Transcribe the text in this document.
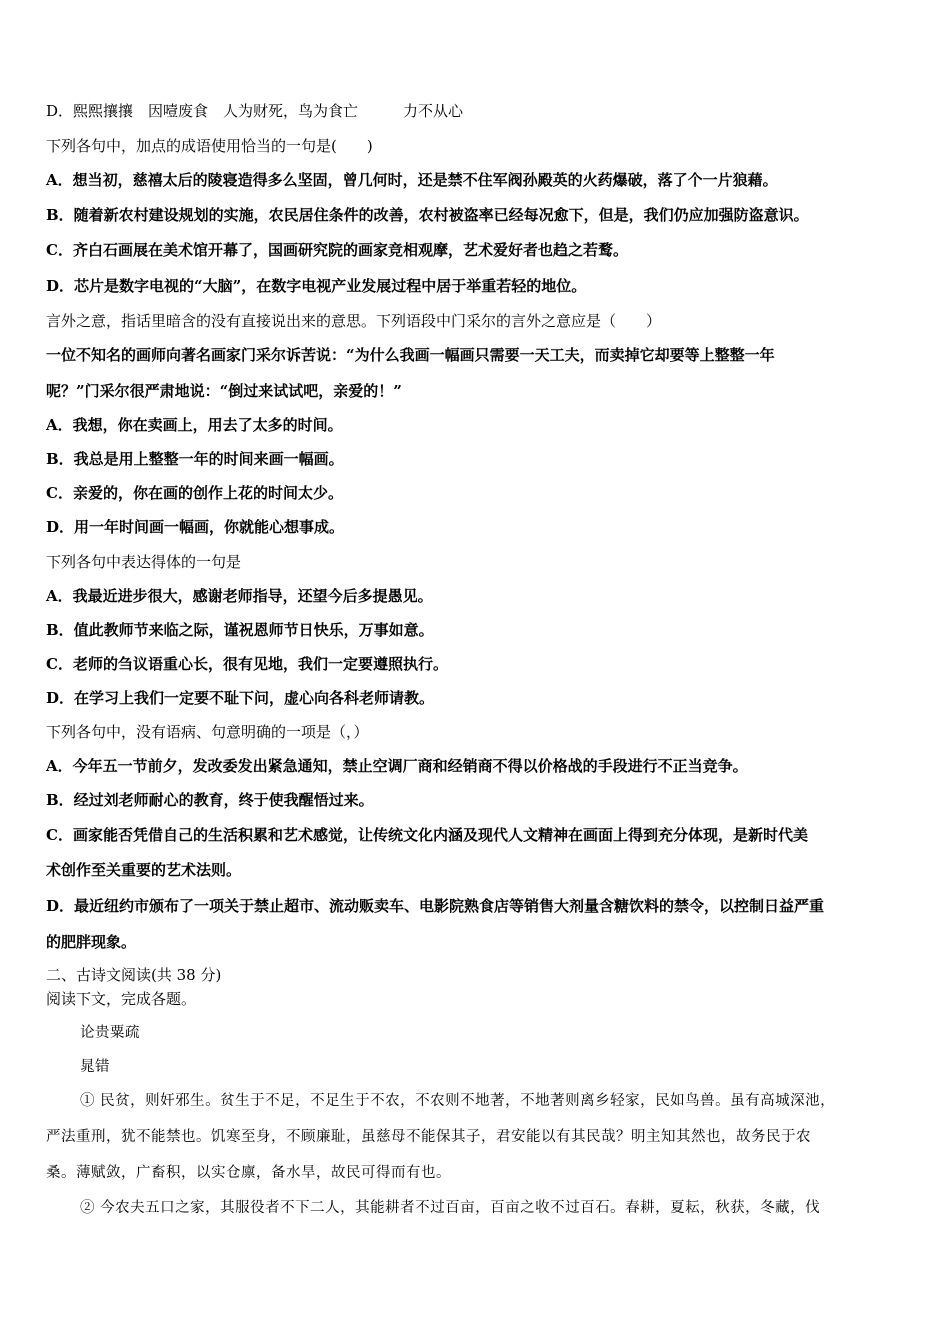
D．熙熙攘攘　因噎废食　人为财死，鸟为食亡　　　力不从心
下列各句中，加点的成语使用恰当的一句是(　　)
A．想当初，慈禧太后的陵寝造得多么坚固，曾几何时，还是禁不住军阀孙殿英的火药爆破，落了个一片狼藉。
B．随着新农村建设规划的实施，农民居住条件的改善，农村被盗率已经每况愈下，但是，我们仍应加强防盗意识。
C．齐白石画展在美术馆开幕了，国画研究院的画家竞相观摩，艺术爱好者也趋之若鹜。
D．芯片是数字电视的“大脑”，在数字电视产业发展过程中居于举重若轻的地位。
言外之意，指话里暗含的没有直接说出来的意思。下列语段中门采尔的言外之意应是（　　）
一位不知名的画师向著名画家门采尔诉苦说：“为什么我画一幅画只需要一天工夫，而卖掉它却要等上整整一年
呢？”门采尔很严肃地说：“倒过来试试吧，亲爱的！”
A．我想，你在卖画上，用去了太多的时间。
B．我总是用上整整一年的时间来画一幅画。
C．亲爱的，你在画的创作上花的时间太少。
D．用一年时间画一幅画，你就能心想事成。
下列各句中表达得体的一句是
A．我最近进步很大，感谢老师指导，还望今后多提愚见。
B．值此教师节来临之际，谨祝恩师节日快乐，万事如意。
C．老师的刍议语重心长，很有见地，我们一定要遵照执行。
D．在学习上我们一定要不耻下问，虚心向各科老师请教。
下列各句中，没有语病、句意明确的一项是（，）
A．今年五一节前夕，发改委发出紧急通知，禁止空调厂商和经销商不得以价格战的手段进行不正当竞争。
B．经过刘老师耐心的教育，终于使我醒悟过来。
C．画家能否凭借自己的生活积累和艺术感觉，让传统文化内涵及现代人文精神在画面上得到充分体现，是新时代美
术创作至关重要的艺术法则。
D．最近纽约市颁布了一项关于禁止超市、流动贩卖车、电影院熟食店等销售大剂量含糖饮料的禁令，以控制日益严重
的肥胖现象。
二、古诗文阅读(共 38 分)
阅读下文，完成各题。
论贵粟疏
晁错
① 民贫，则奸邪生。贫生于不足，不足生于不农，不农则不地著，不地著则离乡轻家，民如鸟兽。虽有高城深池，
严法重刑，犹不能禁也。饥寒至身，不顾廉耻，虽慈母不能保其子，君安能以有其民哉？明主知其然也，故务民于农
桑。薄赋敛，广畜积，以实仓廪，备水旱，故民可得而有也。
② 今农夫五口之家，其服役者不下二人，其能耕者不过百亩，百亩之收不过百石。春耕，夏耘，秋获，冬藏，伐
